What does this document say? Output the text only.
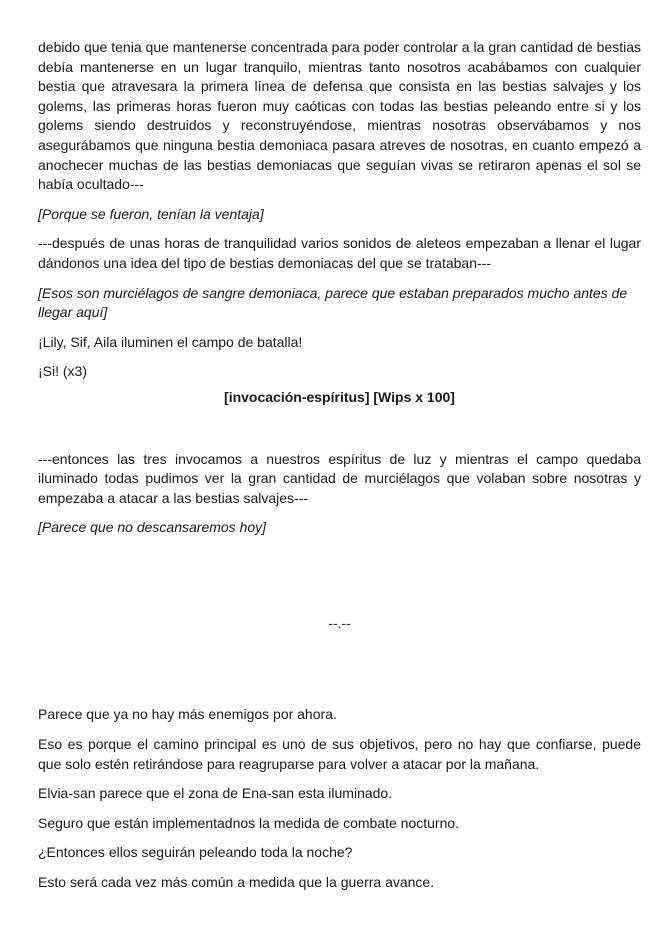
debido que tenia que mantenerse concentrada para poder controlar a la gran cantidad de bestias debía mantenerse en un lugar tranquilo, mientras tanto nosotros acabábamos con cualquier bestia que atravesara la primera línea de defensa que consista en las bestias salvajes y los golems, las primeras horas fueron muy caóticas con todas las bestias peleando entre si y los golems siendo destruidos y reconstruyéndose, mientras nosotras observábamos y nos asegurábamos que ninguna bestia demoniaca pasara atreves de nosotras, en cuanto empezó a anochecer muchas de las bestias demoniacas que seguían vivas se retiraron apenas el sol se había ocultado---

[Porque se fueron, tenían la ventaja]

---después de unas horas de tranquilidad varios sonidos de aleteos empezaban a llenar el lugar dándonos una idea del tipo de bestias demoniacas del que se trataban---

[Esos son murciélagos de sangre demoniaca, parece que estaban preparados mucho antes de llegar aquí]

¡Lily, Sif, Aila iluminen el campo de batalla!

¡Si! (x3)

[invocación-espíritus] [Wips x 100]

---entonces las tres invocamos a nuestros espíritus de luz y mientras el campo quedaba iluminado todas pudimos ver la gran cantidad de murciélagos que volaban sobre nosotras y empezaba a atacar a las bestias salvajes---

[Parece que no descansaremos hoy]

--.--

Parece que ya no hay más enemigos por ahora.

Eso es porque el camino principal es uno de sus objetivos, pero no hay que confiarse, puede que solo estén retirándose para reagruparse para volver a atacar por la mañana.

Elvia-san parece que el zona de Ena-san esta iluminado.

Seguro que están implementadnos la medida de combate nocturno.

¿Entonces ellos seguirán peleando toda la noche?

Esto será cada vez más común a medida que la guerra avance.
